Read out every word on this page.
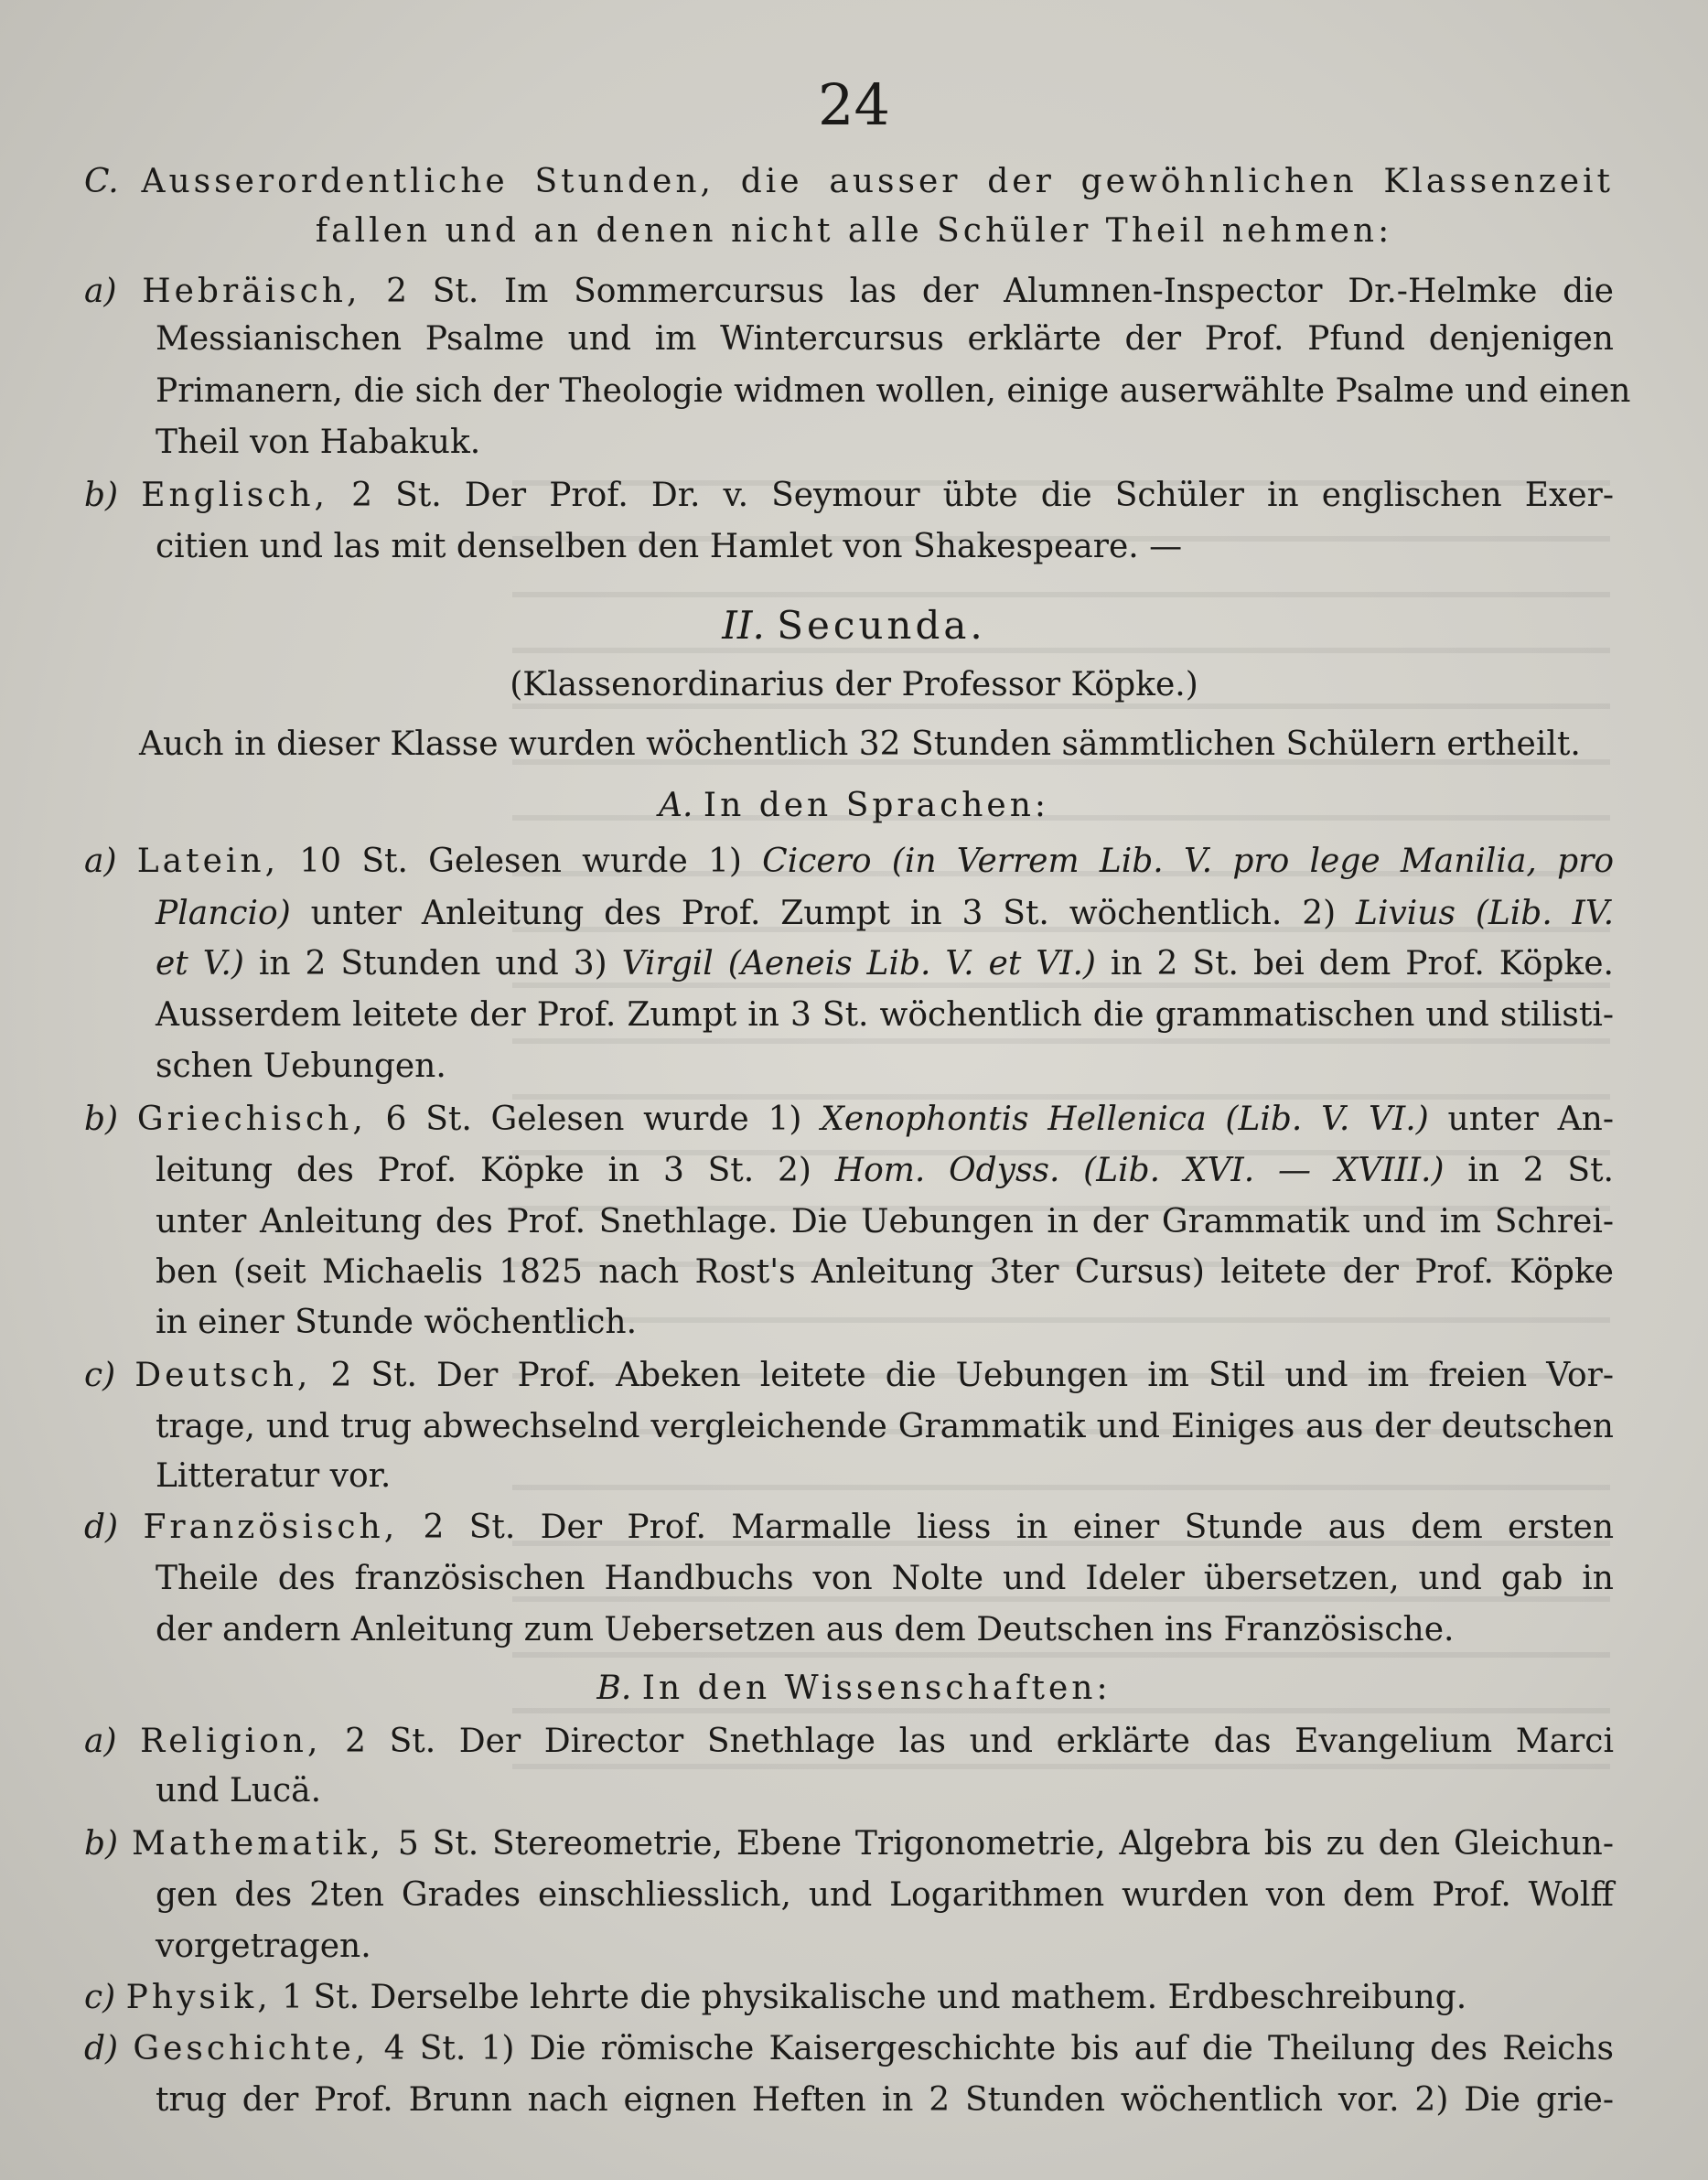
24
C. Ausserordentliche Stunden, die ausser der gewöhnlichen Klassenzeit
fallen und an denen nicht alle Schüler Theil nehmen:
a) Hebräisch, 2 St. Im Sommercursus las der Alumnen-Inspector Dr.-Helmke die
Messianischen Psalme und im Wintercursus erklärte der Prof. Pfund denjenigen
Primanern, die sich der Theologie widmen wollen, einige auserwählte Psalme und einen
Theil von Habakuk.
b) Englisch, 2 St. Der Prof. Dr. v. Seymour übte die Schüler in englischen Exer-
citien und las mit denselben den Hamlet von Shakespeare. —
II. Secunda.
(Klassenordinarius der Professor Köpke.)
Auch in dieser Klasse wurden wöchentlich 32 Stunden sämmtlichen Schülern ertheilt.
A. In den Sprachen:
a) Latein, 10 St. Gelesen wurde 1) Cicero (in Verrem Lib. V. pro lege Manilia, pro
Plancio) unter Anleitung des Prof. Zumpt in 3 St. wöchentlich. 2) Livius (Lib. IV.
et V.) in 2 Stunden und 3) Virgil (Aeneis Lib. V. et VI.) in 2 St. bei dem Prof. Köpke.
Ausserdem leitete der Prof. Zumpt in 3 St. wöchentlich die grammatischen und stilisti-
schen Uebungen.
b) Griechisch, 6 St. Gelesen wurde 1) Xenophontis Hellenica (Lib. V. VI.) unter An-
leitung des Prof. Köpke in 3 St. 2) Hom. Odyss. (Lib. XVI. — XVIII.) in 2 St.
unter Anleitung des Prof. Snethlage. Die Uebungen in der Grammatik und im Schrei-
ben (seit Michaelis 1825 nach Rost's Anleitung 3ter Cursus) leitete der Prof. Köpke
in einer Stunde wöchentlich.
c) Deutsch, 2 St. Der Prof. Abeken leitete die Uebungen im Stil und im freien Vor-
trage, und trug abwechselnd vergleichende Grammatik und Einiges aus der deutschen
Litteratur vor.
d) Französisch, 2 St. Der Prof. Marmalle liess in einer Stunde aus dem ersten
Theile des französischen Handbuchs von Nolte und Ideler übersetzen, und gab in
der andern Anleitung zum Uebersetzen aus dem Deutschen ins Französische.
B. In den Wissenschaften:
a) Religion, 2 St. Der Director Snethlage las und erklärte das Evangelium Marci
und Lucä.
b) Mathematik, 5 St. Stereometrie, Ebene Trigonometrie, Algebra bis zu den Gleichun-
gen des 2ten Grades einschliesslich, und Logarithmen wurden von dem Prof. Wolff
vorgetragen.
c) Physik, 1 St. Derselbe lehrte die physikalische und mathem. Erdbeschreibung.
d) Geschichte, 4 St. 1) Die römische Kaisergeschichte bis auf die Theilung des Reichs
trug der Prof. Brunn nach eignen Heften in 2 Stunden wöchentlich vor. 2) Die grie-
